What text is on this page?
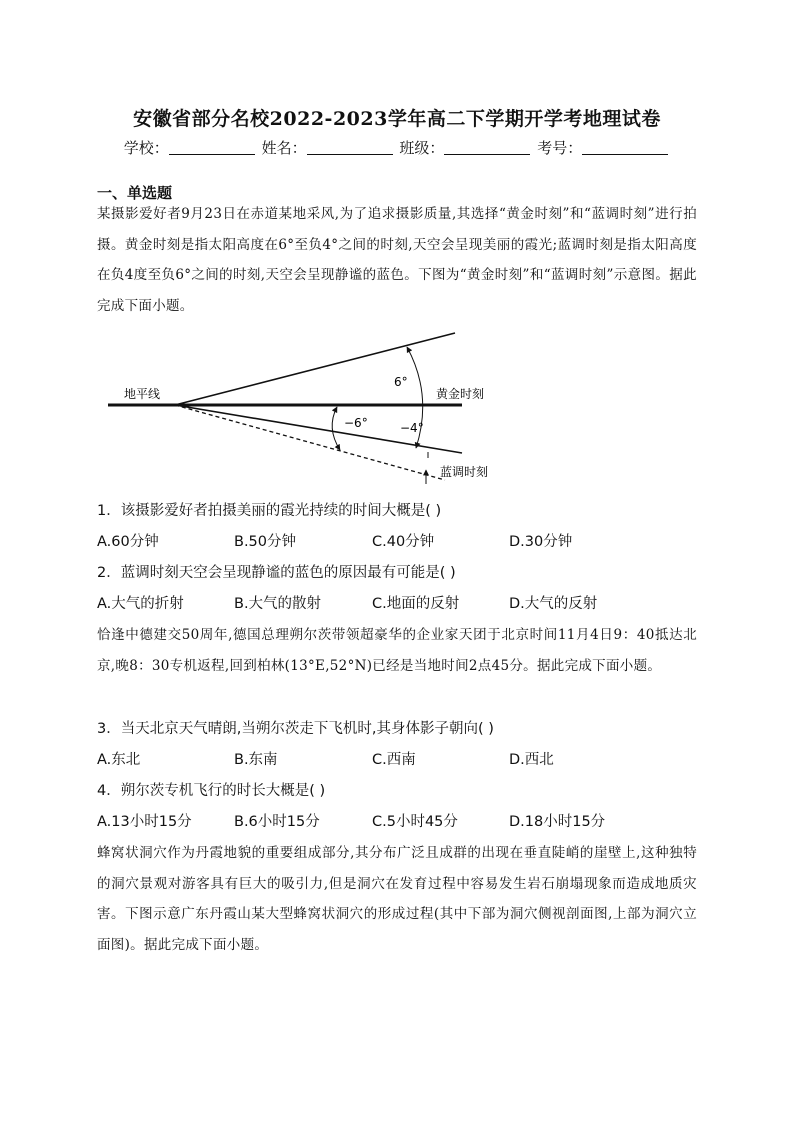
安徽省部分名校2022-2023学年高二下学期开学考地理试卷
学校：	姓名：	班级：	考号：
一、单选题
某摄影爱好者9月23日在赤道某地采风,为了追求摄影质量,其选择“黄金时刻”和“蓝调时刻”进行拍摄。黄金时刻是指太阳高度在6°至负4°之间的时刻,天空会呈现美丽的霞光;蓝调时刻是指太阳高度在负4度至负6°之间的时刻,天空会呈现静谧的蓝色。下图为“黄金时刻”和“蓝调时刻”示意图。据此完成下面小题。
地平线	黄金时刻
蓝调时刻
6°
−4°
−6°
1．该摄影爱好者拍摄美丽的霞光持续的时间大概是( )
A.60分钟	B.50分钟	C.40分钟	D.30分钟
2．蓝调时刻天空会呈现静谧的蓝色的原因最有可能是( )
A.大气的折射	B.大气的散射	C.地面的反射	D.大气的反射
恰逢中德建交50周年,德国总理朔尔茨带领超豪华的企业家天团于北京时间11月4日9：40抵达北京,晚8：30专机返程,回到柏林(13°E,52°N)已经是当地时间2点45分。据此完成下面小题。
3．当天北京天气晴朗,当朔尔茨走下飞机时,其身体影子朝向( )
A.东北	B.东南	C.西南	D.西北
4．朔尔茨专机飞行的时长大概是( )
A.13小时15分	B.6小时15分	C.5小时45分	D.18小时15分
蜂窝状洞穴作为丹霞地貌的重要组成部分,其分布广泛且成群的出现在垂直陡峭的崖壁上,这种独特的洞穴景观对游客具有巨大的吸引力,但是洞穴在发育过程中容易发生岩石崩塌现象而造成地质灾害。下图示意广东丹霞山某大型蜂窝状洞穴的形成过程(其中下部为洞穴侧视剖面图,上部为洞穴立面图)。据此完成下面小题。
